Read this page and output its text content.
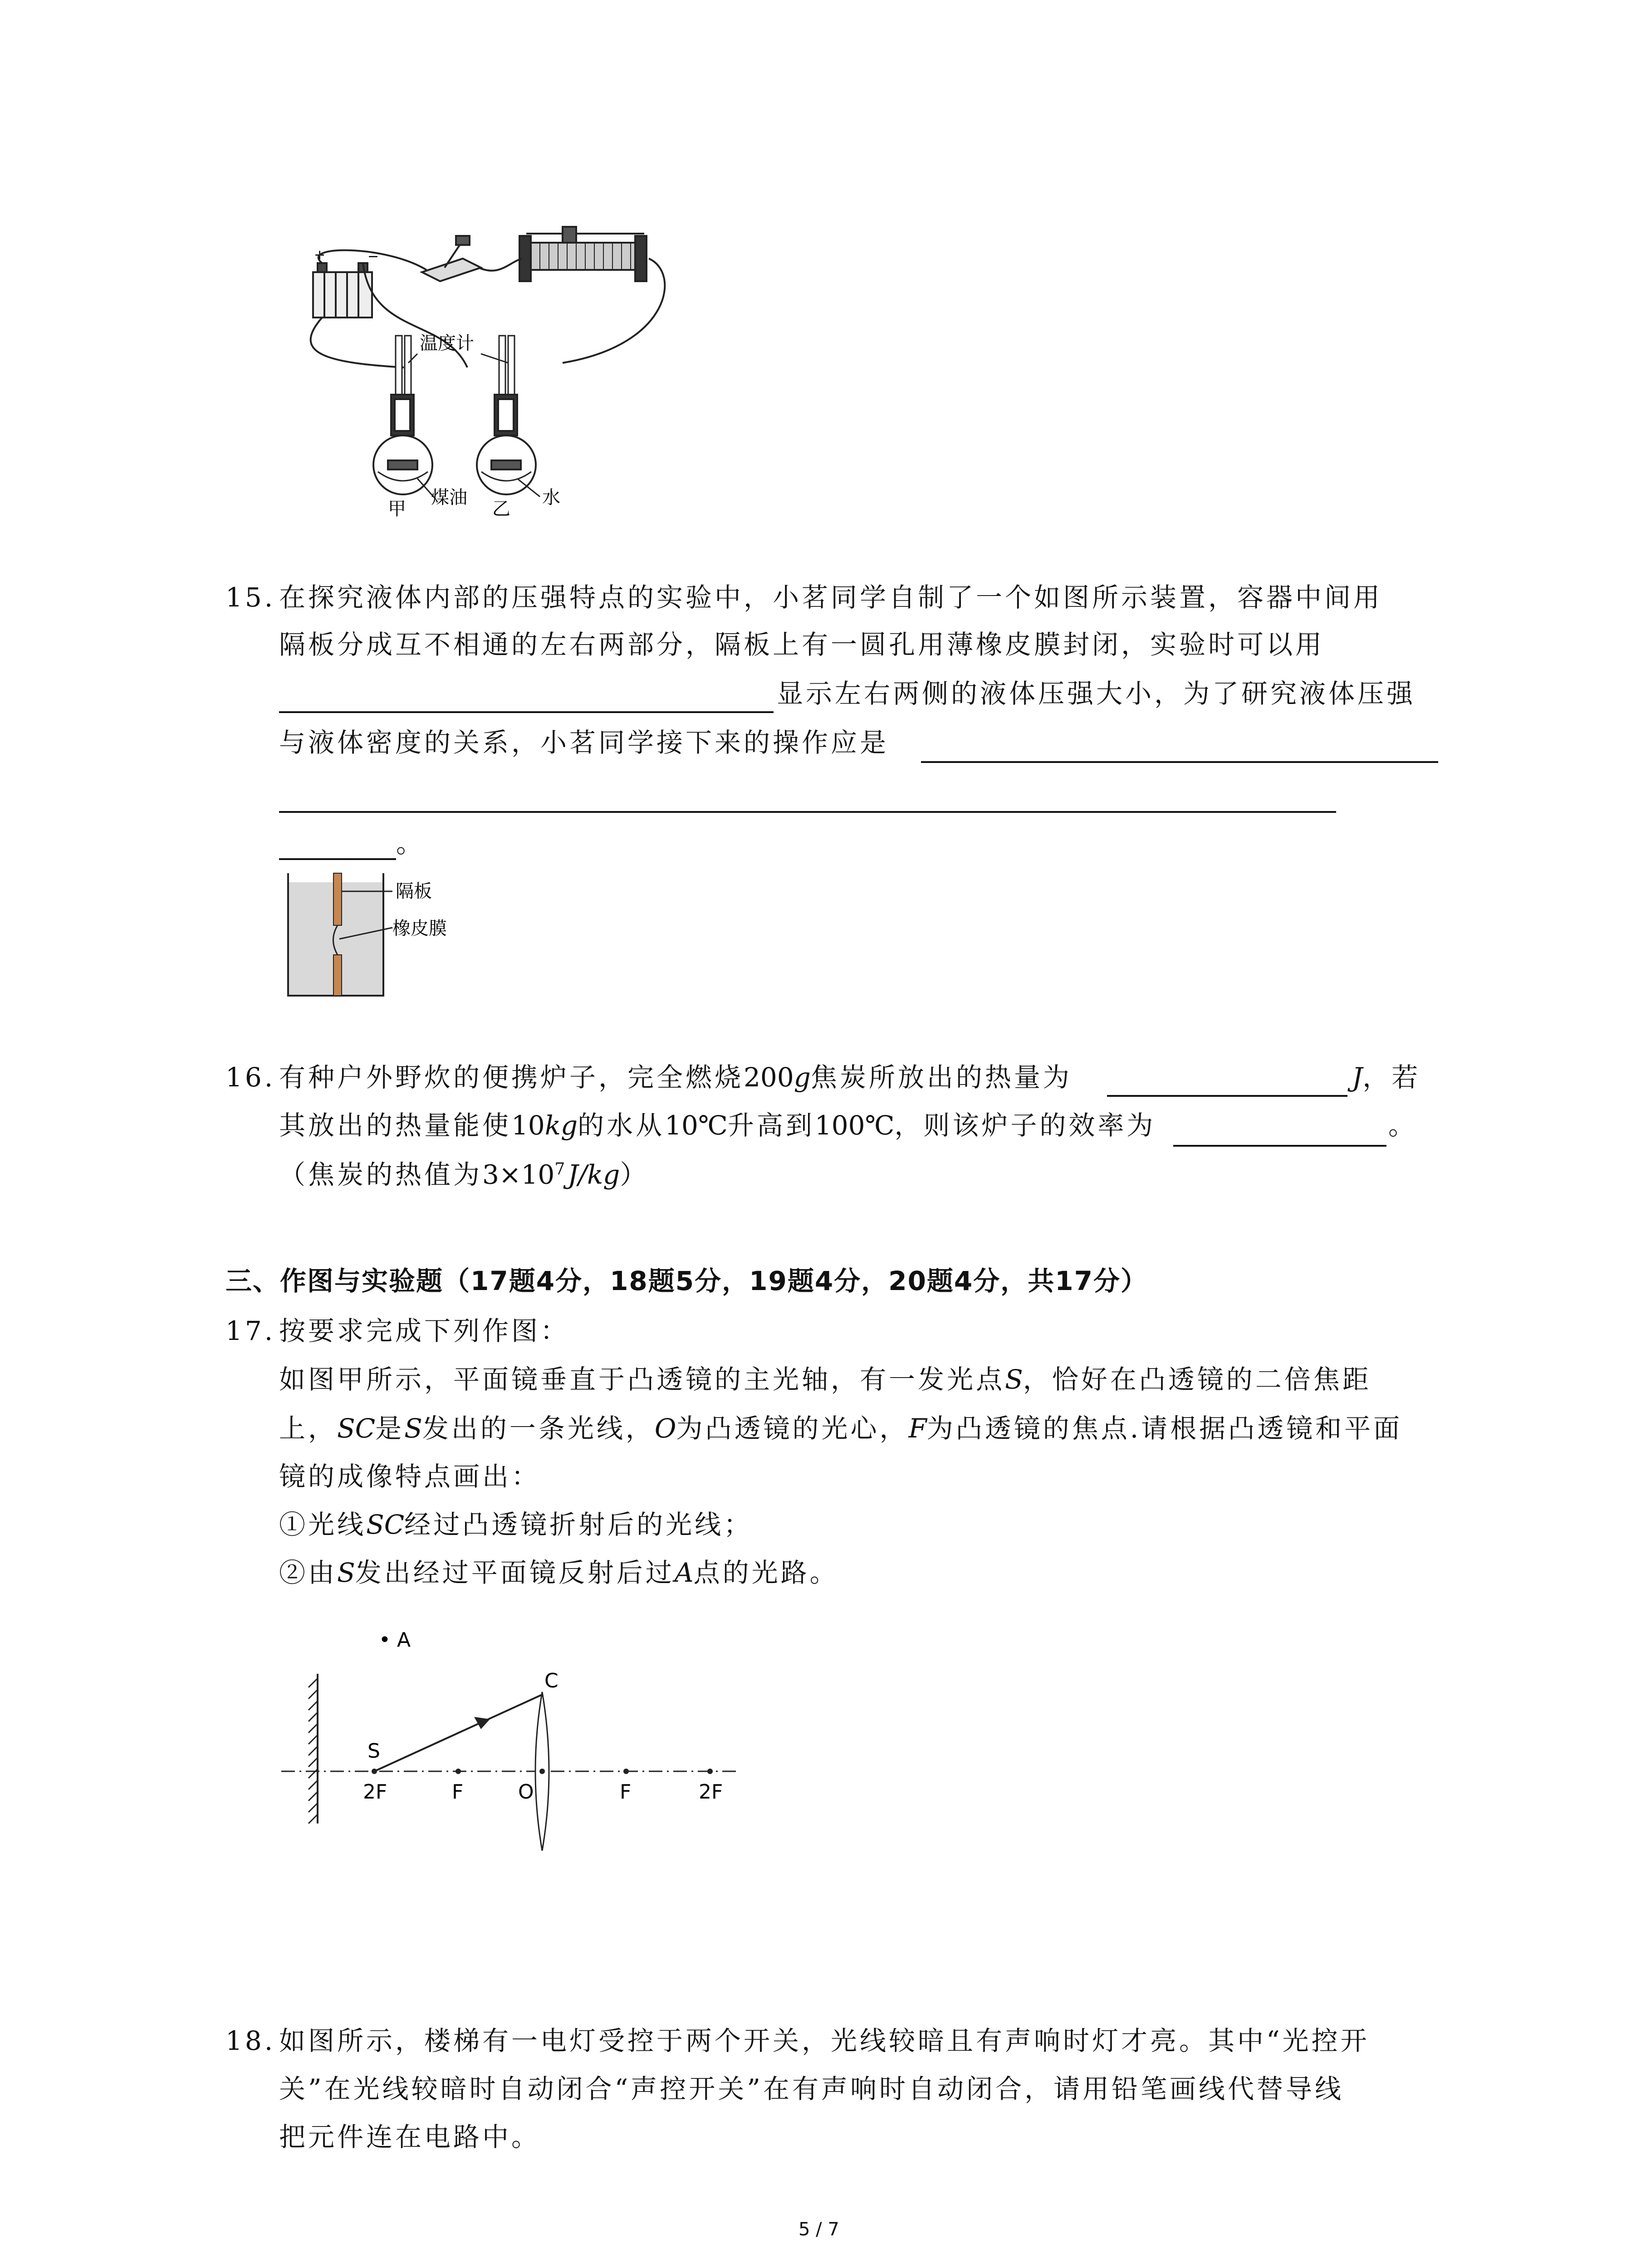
+	−
温度计
甲
煤油
乙
水
15. 在探究液体内部的压强特点的实验中，小茗同学自制了一个如图所示装置，容器中间用
隔板分成互不相通的左右两部分，隔板上有一圆孔用薄橡皮膜封闭，实验时可以用
显示左右两侧的液体压强大小，为了研究液体压强
与液体密度的关系，小茗同学接下来的操作应是
。
隔板
橡皮膜
16. 有种户外野炊的便携炉子，完全燃烧200g焦炭所放出的热量为	J，若
其放出的热量能使10kg的水从10℃升高到100℃，则该炉子的效率为	。
（焦炭的热值为$3\times 10^7J/kg$）
三、作图与实验题（17题4分，18题5分，19题4分，20题4分，共17分）
17. 按要求完成下列作图：
如图甲所示，平面镜垂直于凸透镜的主光轴，有一发光点S，恰好在凸透镜的二倍焦距
上，SC是S发出的一条光线，O为凸透镜的光心，F为凸透镜的焦点.请根据凸透镜和平面
镜的成像特点画出：
①光线SC经过凸透镜折射后的光线；
②由S发出经过平面镜反射后过A点的光路。
• A
C
S
2F	F	O	F	2F
18. 如图所示，楼梯有一电灯受控于两个开关，光线较暗且有声响时灯才亮。其中“光控开
关”在光线较暗时自动闭合“声控开关”在有声响时自动闭合，请用铅笔画线代替导线
把元件连在电路中。
5 / 7
